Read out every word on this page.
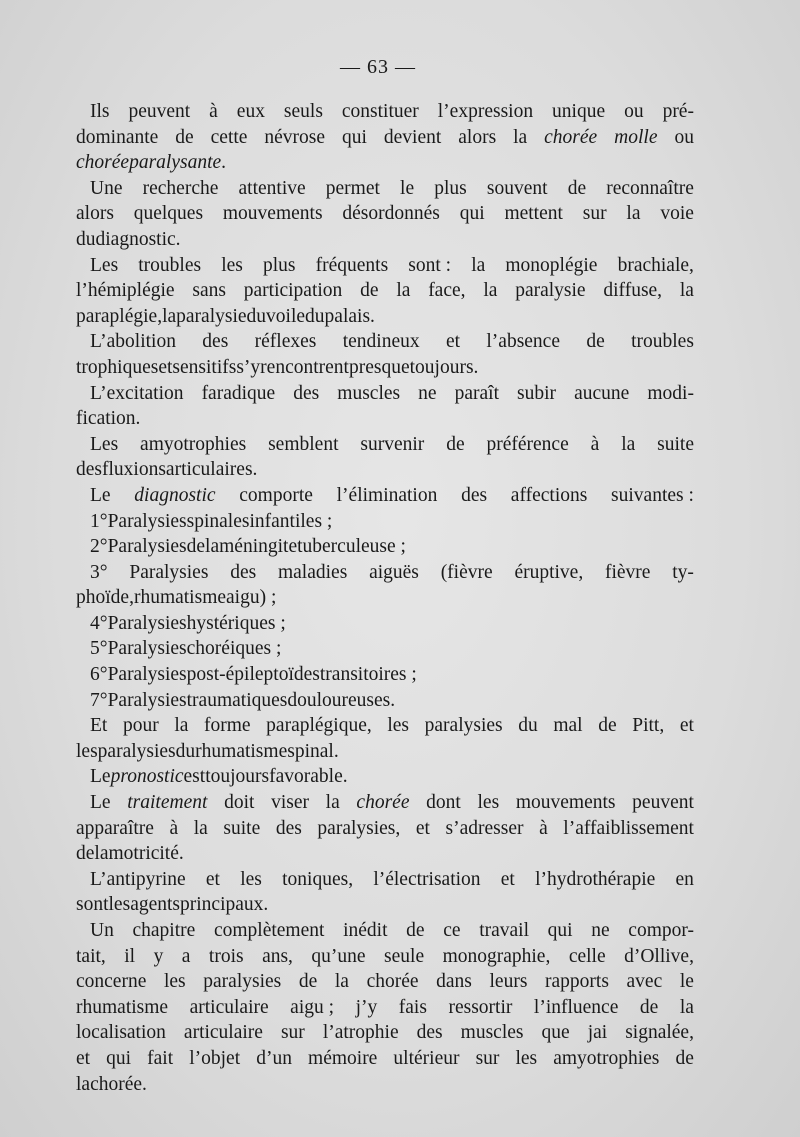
— 63 —
Ils peuvent à eux seuls constituer l’expression unique ou pré-
dominante de cette névrose qui devient alors la chorée molle ou
chorée paralysante .
Une recherche attentive permet le plus souvent de reconnaître
alors quelques mouvements désordonnés qui mettent sur la voie
du diagnostic.
Les troubles les plus fréquents sont : la monoplégie brachiale,
l’hémiplégie sans participation de la face, la paralysie diffuse, la
paraplégie, la paralysie du voile du palais.
L’abolition des réflexes tendineux et l’absence de troubles
trophiques et sensitifs s’y rencontrent presque toujours.
L’excitation faradique des muscles ne paraît subir aucune modi-
fication.
Les amyotrophies semblent survenir de préférence à la suite
des fluxions articulaires.
Le diagnostic comporte l’élimination des affections suivantes :
1° Paralysies spinales infantiles ;
2° Paralysies de la méningite tuberculeuse ;
3° Paralysies des maladies aiguës (fièvre éruptive, fièvre ty-
phoïde, rhumatisme aigu) ;
4° Paralysies hystériques ;
5° Paralysies choréiques ;
6° Paralysies post-épileptoïdes transitoires ;
7° Paralysies traumatiques douloureuses.
Et pour la forme paraplégique, les paralysies du mal de Pitt, et
les paralysies du rhumatisme spinal.
Le pronostic est toujours favorable.
Le traitement doit viser la chorée dont les mouvements peuvent
apparaître à la suite des paralysies, et s’adresser à l’affaiblissement
de la motricité.
L’antipyrine et les toniques, l’électrisation et l’hydrothérapie en
sont les agents principaux.
Un chapitre complètement inédit de ce travail qui ne compor-
tait, il y a trois ans, qu’une seule monographie, celle d’Ollive,
concerne les paralysies de la chorée dans leurs rapports avec le
rhumatisme articulaire aigu ; j’y fais ressortir l’influence de la
localisation articulaire sur l’atrophie des muscles que jai signalée,
et qui fait l’objet d’un mémoire ultérieur sur les amyotrophies de
la chorée.
